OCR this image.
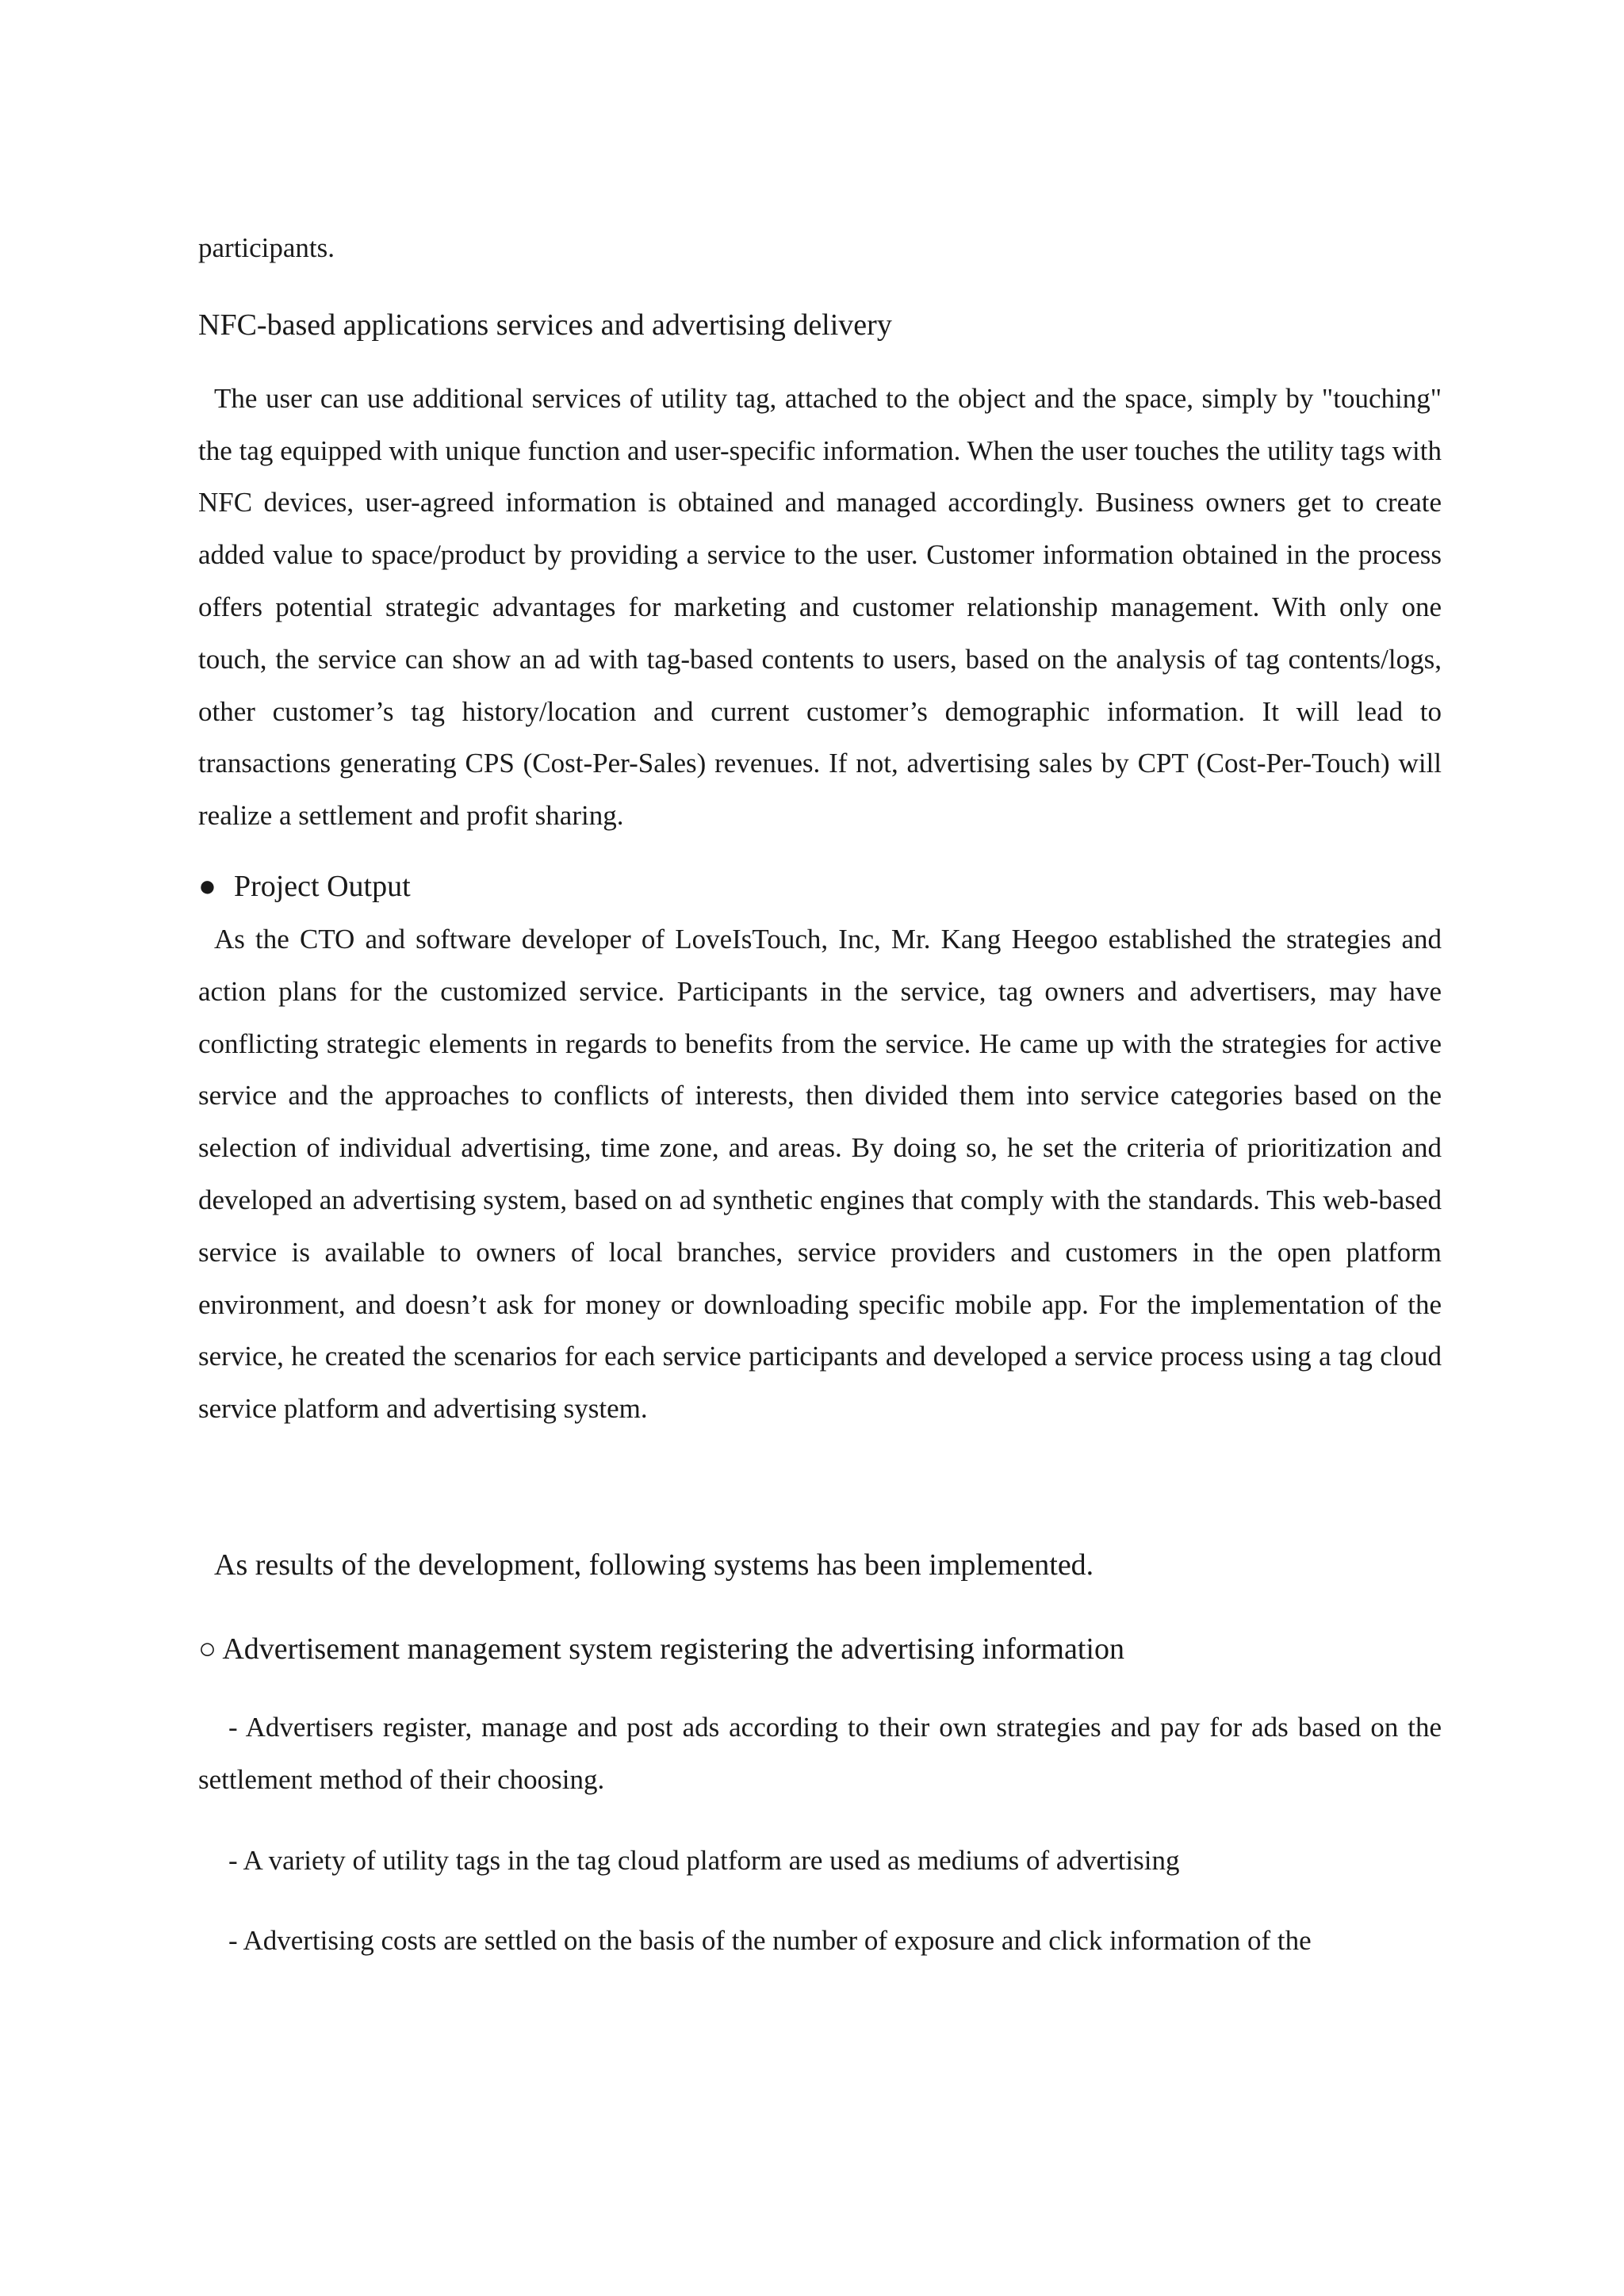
participants.

NFC-based applications services and advertising delivery

The user can use additional services of utility tag, attached to the object and the space, simply by "touching" the tag equipped with unique function and user-specific information. When the user touches the utility tags with NFC devices, user-agreed information is obtained and managed accordingly. Business owners get to create added value to space/product by providing a service to the user. Customer information obtained in the process offers potential strategic advantages for marketing and customer relationship management. With only one touch, the service can show an ad with tag-based contents to users, based on the analysis of tag contents/logs, other customer’s tag history/location and current customer’s demographic information. It will lead to transactions generating CPS (Cost-Per-Sales) revenues. If not, advertising sales by CPT (Cost-Per-Touch) will realize a settlement and profit sharing.

● Project Output

As the CTO and software developer of LoveIsTouch, Inc, Mr. Kang Heegoo established the strategies and action plans for the customized service. Participants in the service, tag owners and advertisers, may have conflicting strategic elements in regards to benefits from the service. He came up with the strategies for active service and the approaches to conflicts of interests, then divided them into service categories based on the selection of individual advertising, time zone, and areas. By doing so, he set the criteria of prioritization and developed an advertising system, based on ad synthetic engines that comply with the standards. This web-based service is available to owners of local branches, service providers and customers in the open platform environment, and doesn’t ask for money or downloading specific mobile app. For the implementation of the service, he created the scenarios for each service participants and developed a service process using a tag cloud service platform and advertising system.

As results of the development, following systems has been implemented.

○ Advertisement management system registering the advertising information

- Advertisers register, manage and post ads according to their own strategies and pay for ads based on the settlement method of their choosing.

- A variety of utility tags in the tag cloud platform are used as mediums of advertising

- Advertising costs are settled on the basis of the number of exposure and click information of the
